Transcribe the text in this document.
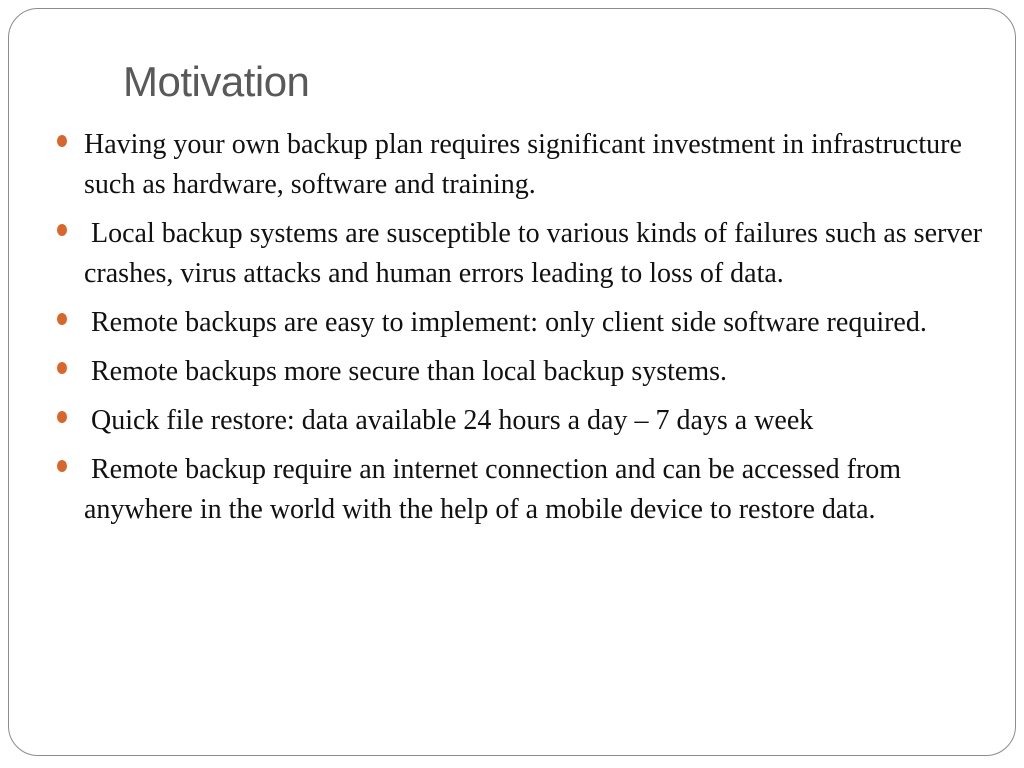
Motivation
Having your own backup plan requires significant investment in infrastructure such as hardware, software and training.
Local backup systems are susceptible to various kinds of failures such as server crashes, virus attacks and human errors leading to loss of data.
Remote backups are easy to implement: only client side software required.
Remote backups more secure than local backup systems.
Quick file restore: data available 24 hours a day – 7 days a week
Remote backup require an internet connection and can be accessed from anywhere in the world with the help of a mobile device to restore data.
